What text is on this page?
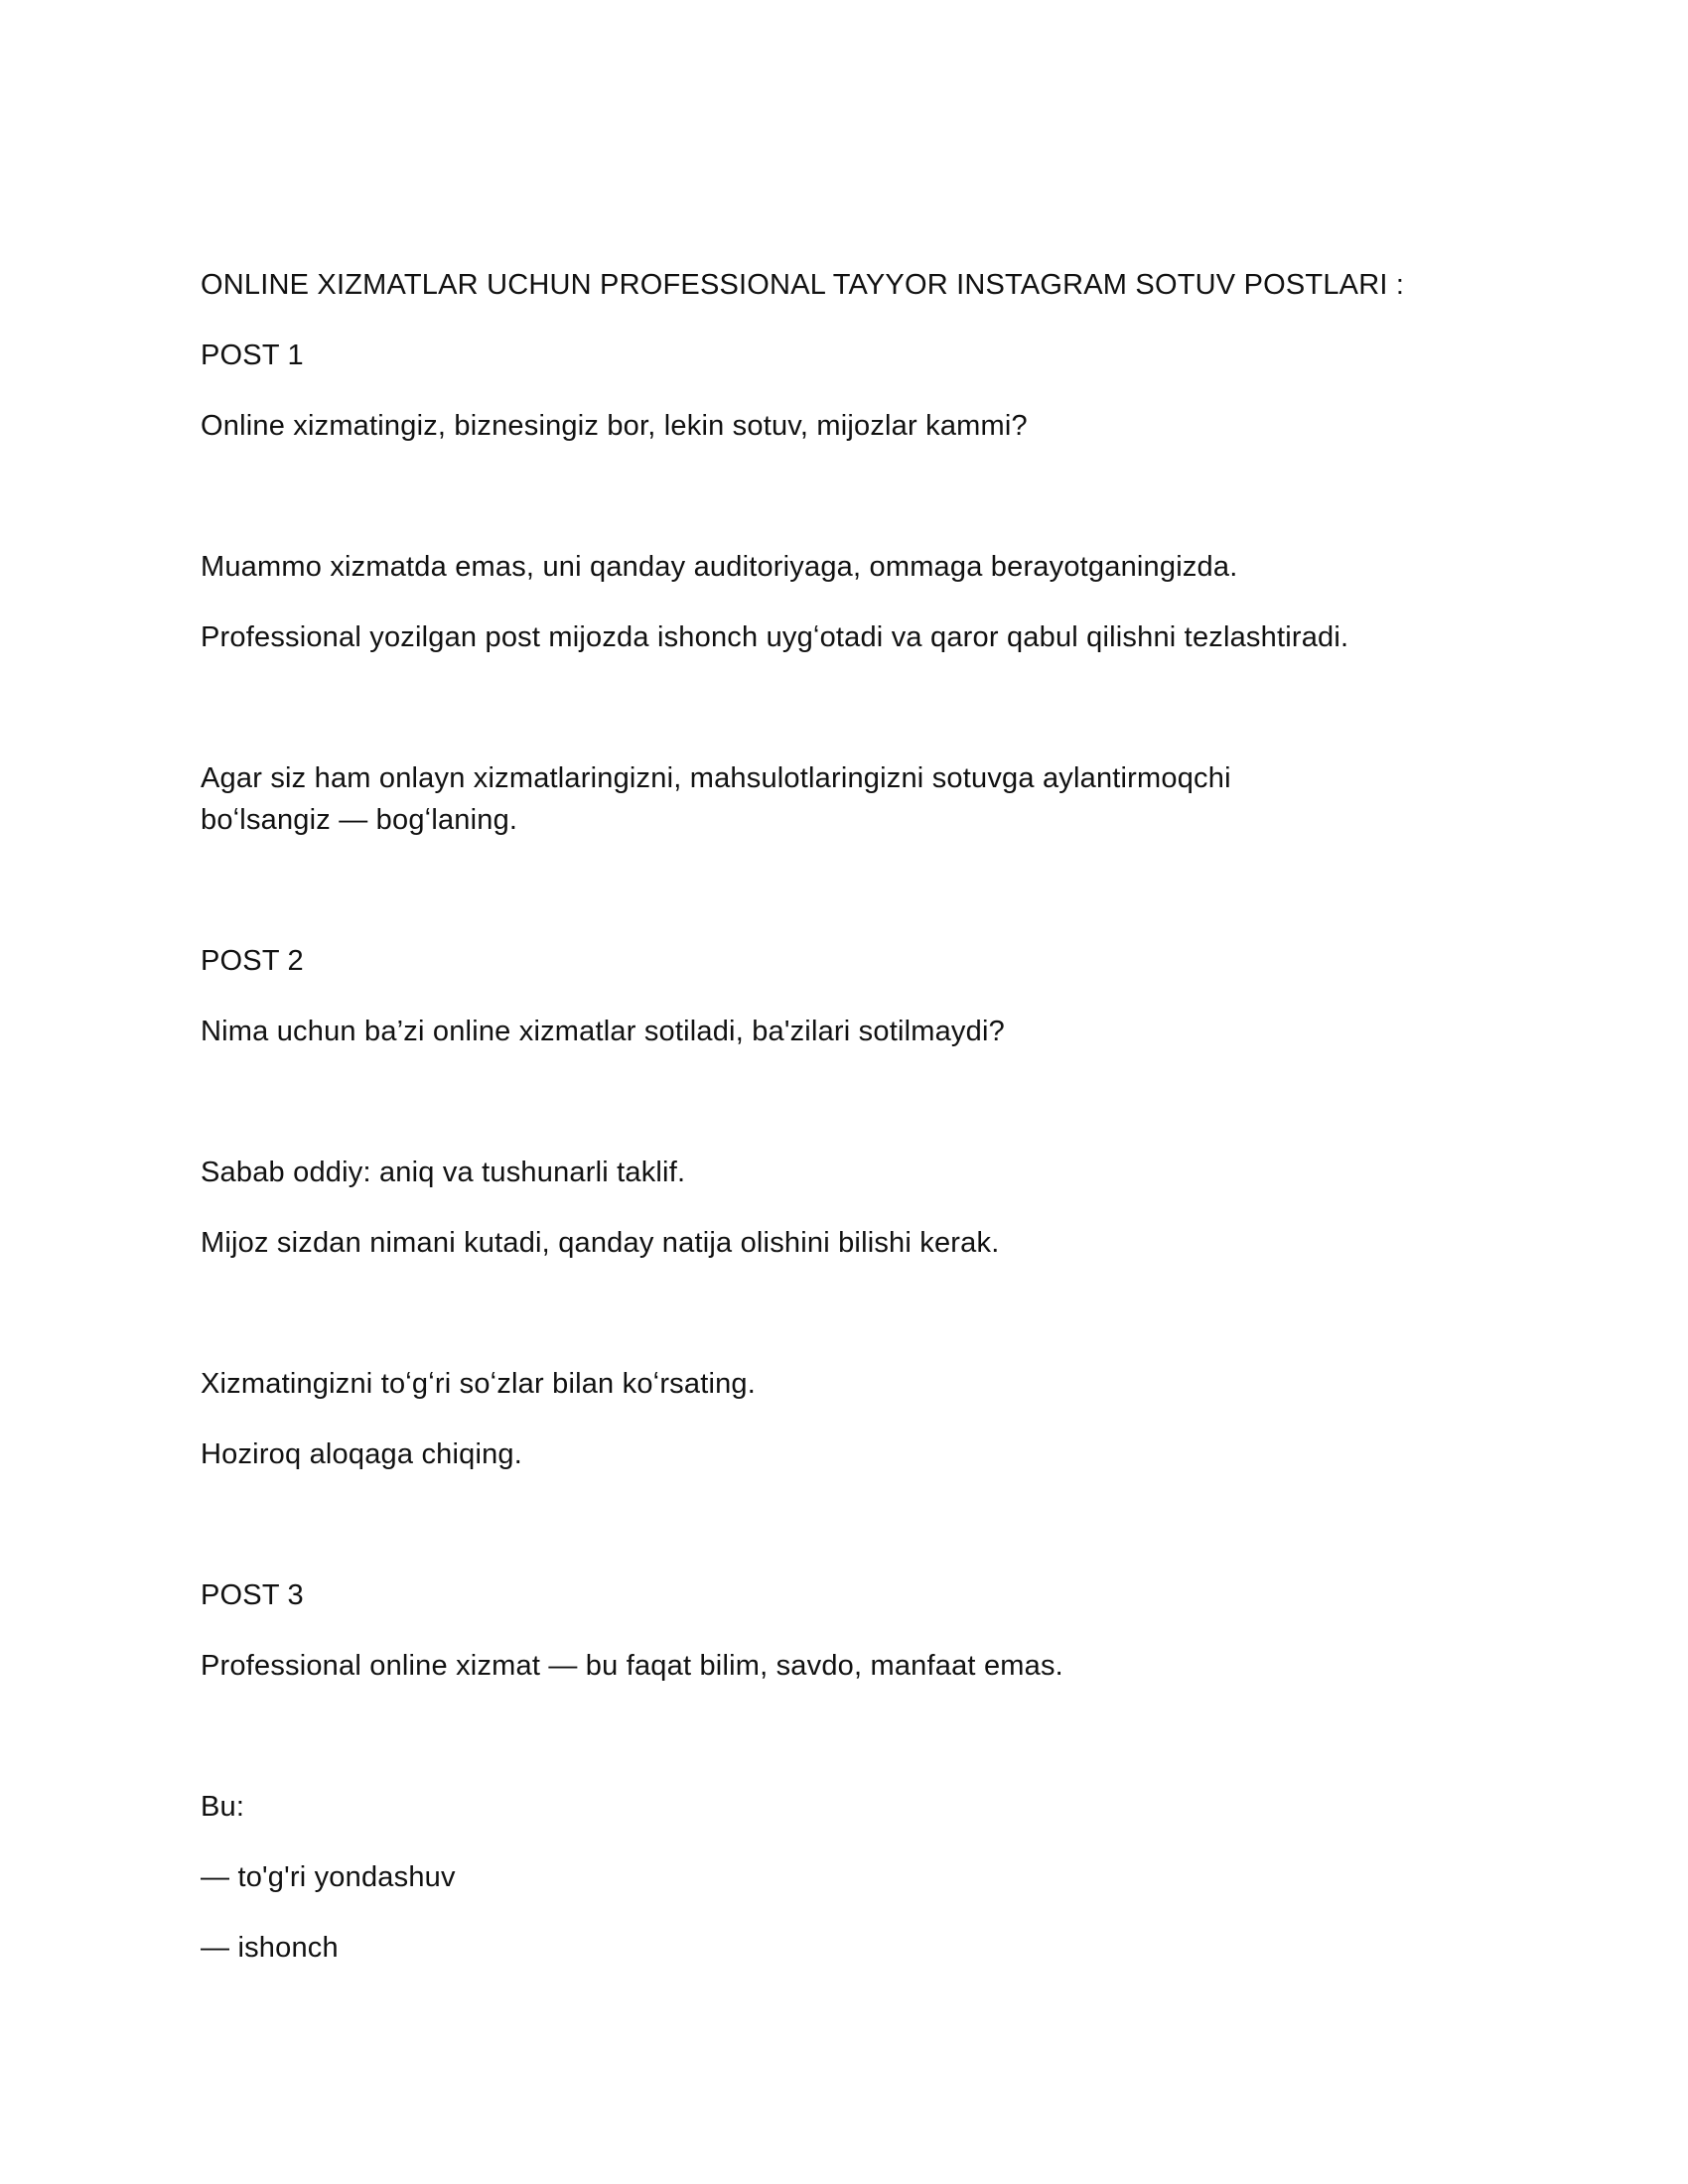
ONLINE XIZMATLAR UCHUN PROFESSIONAL TAYYOR INSTAGRAM SOTUV POSTLARI :

POST 1

Online xizmatingiz, biznesingiz bor, lekin sotuv, mijozlar kammi?

Muammo xizmatda emas, uni qanday auditoriyaga, ommaga berayotganingizda.

Professional yozilgan post mijozda ishonch uygʻotadi va qaror qabul qilishni tezlashtiradi.

Agar siz ham onlayn xizmatlaringizni, mahsulotlaringizni sotuvga aylantirmoqchi
boʻlsangiz — bogʻlaning.

POST 2

Nima uchun ba’zi online xizmatlar sotiladi, ba'zilari sotilmaydi?

Sabab oddiy: aniq va tushunarli taklif.

Mijoz sizdan nimani kutadi, qanday natija olishini bilishi kerak.

Xizmatingizni toʻgʻri soʻzlar bilan koʻrsating.

Hoziroq aloqaga chiqing.

POST 3

Professional online xizmat — bu faqat bilim, savdo, manfaat emas.

Bu:

— to'g'ri yondashuv

— ishonch
